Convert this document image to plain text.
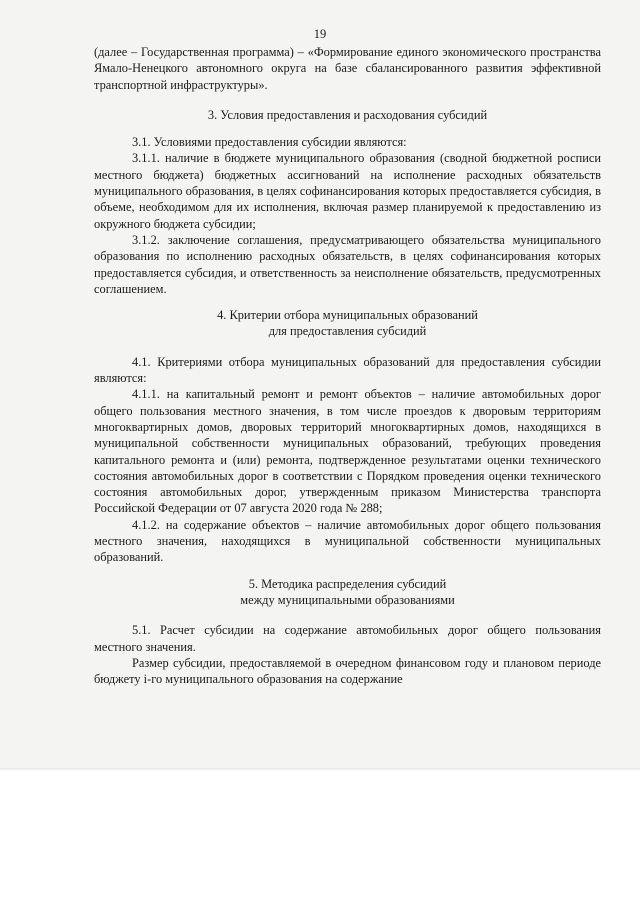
19

(далее – Государственная программа) – «Формирование единого экономического пространства Ямало-Ненецкого автономного округа на базе сбалансированного развития эффективной транспортной инфраструктуры».

3. Условия предоставления и расходования субсидий

3.1. Условиями предоставления субсидии являются:

3.1.1. наличие в бюджете муниципального образования (сводной бюджетной росписи местного бюджета) бюджетных ассигнований на исполнение расходных обязательств муниципального образования, в целях софинансирования которых предоставляется субсидия, в объеме, необходимом для их исполнения, включая размер планируемой к предоставлению из окружного бюджета субсидии;

3.1.2. заключение соглашения, предусматривающего обязательства муниципального образования по исполнению расходных обязательств, в целях софинансирования которых предоставляется субсидия, и ответственность за неисполнение обязательств, предусмотренных соглашением.

4. Критерии отбора муниципальных образований
для предоставления субсидий

4.1. Критериями отбора муниципальных образований для предоставления субсидии являются:

4.1.1. на капитальный ремонт и ремонт объектов – наличие автомобильных дорог общего пользования местного значения, в том числе проездов к дворовым территориям многоквартирных домов, дворовых территорий многоквартирных домов, находящихся в муниципальной собственности муниципальных образований, требующих проведения капитального ремонта и (или) ремонта, подтвержденное результатами оценки технического состояния автомобильных дорог в соответствии с Порядком проведения оценки технического состояния автомобильных дорог, утвержденным приказом Министерства транспорта Российской Федерации от 07 августа 2020 года № 288;

4.1.2. на содержание объектов – наличие автомобильных дорог общего пользования местного значения, находящихся в муниципальной собственности муниципальных образований.

5. Методика распределения субсидий
между муниципальными образованиями

5.1. Расчет субсидии на содержание автомобильных дорог общего пользования местного значения.

Размер субсидии, предоставляемой в очередном финансовом году и плановом периоде бюджету i-го муниципального образования на содержание
